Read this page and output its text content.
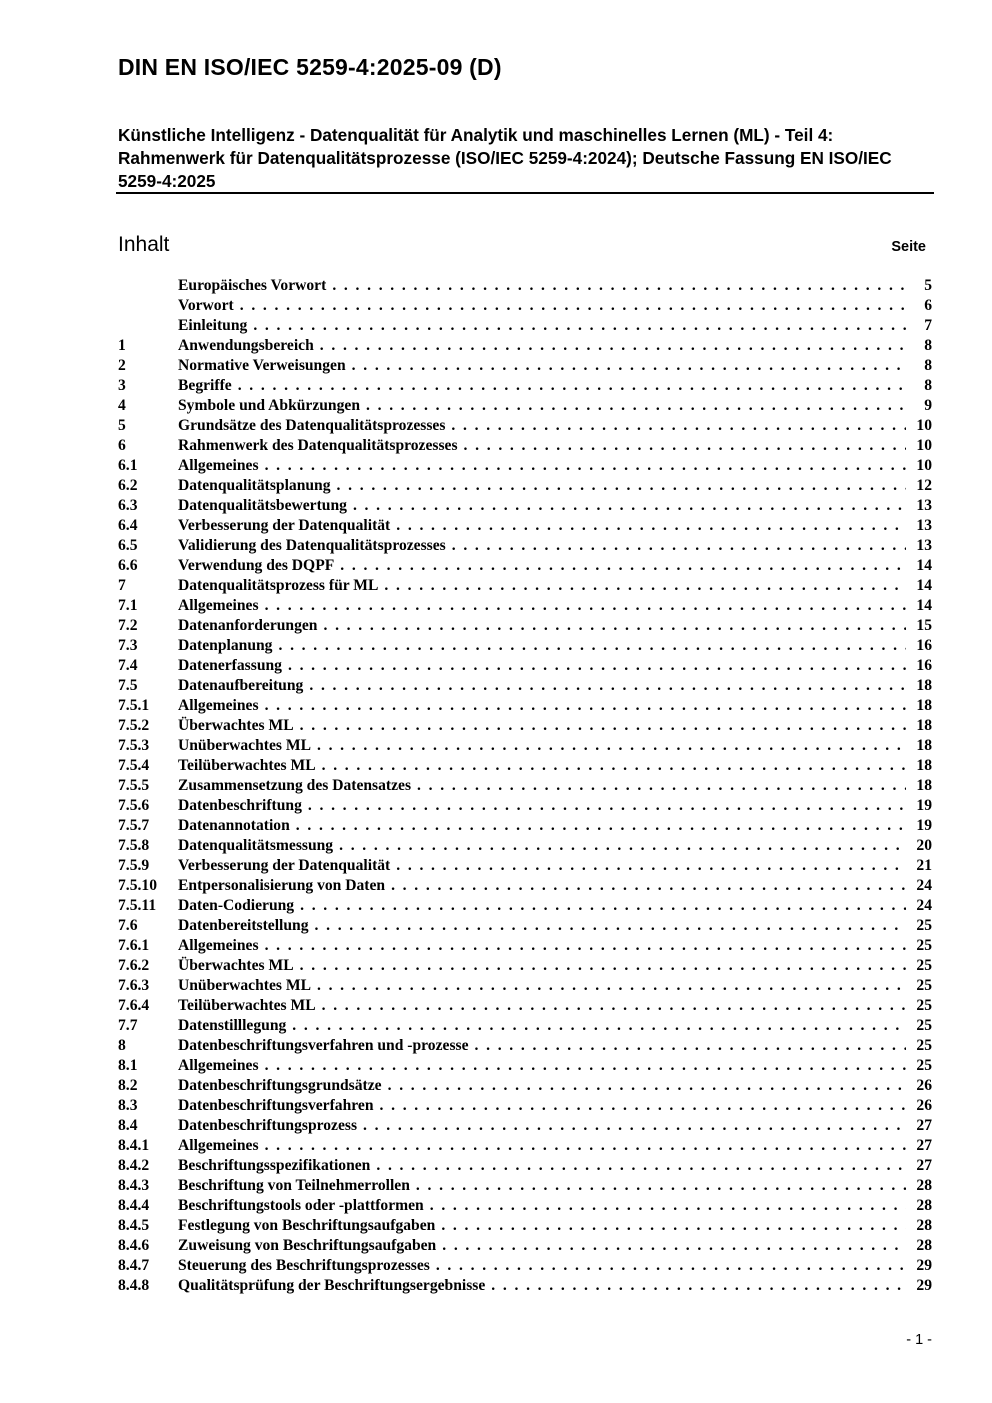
DIN EN ISO/IEC 5259-4:2025-09 (D)
Künstliche Intelligenz - Datenqualität für Analytik und maschinelles Lernen (ML) - Teil 4: Rahmenwerk für Datenqualitätsprozesse (ISO/IEC 5259-4:2024); Deutsche Fassung EN ISO/IEC 5259-4:2025
Inhalt	Seite
Europäisches Vorwort . . .	5
Vorwort . . .	6
Einleitung . . .	7
1	Anwendungsbereich . . .	8
2	Normative Verweisungen . . .	8
3	Begriffe . . .	8
4	Symbole und Abkürzungen . . .	9
5	Grundsätze des Datenqualitätsprozesses . . .	10
6	Rahmenwerk des Datenqualitätsprozesses . . .	10
6.1	Allgemeines . . .	10
6.2	Datenqualitätsplanung . . .	12
6.3	Datenqualitätsbewertung . . .	13
6.4	Verbesserung der Datenqualität . . .	13
6.5	Validierung des Datenqualitätsprozesses . . .	13
6.6	Verwendung des DQPF . . .	14
7	Datenqualitätsprozess für ML . . .	14
7.1	Allgemeines . . .	14
7.2	Datenanforderungen . . .	15
7.3	Datenplanung . . .	16
7.4	Datenerfassung . . .	16
7.5	Datenaufbereitung . . .	18
7.5.1	Allgemeines . . .	18
7.5.2	Überwachtes ML . . .	18
7.5.3	Unüberwachtes ML . . .	18
7.5.4	Teilüberwachtes ML . . .	18
7.5.5	Zusammensetzung des Datensatzes . . .	18
7.5.6	Datenbeschriftung . . .	19
7.5.7	Datenannotation . . .	19
7.5.8	Datenqualitätsmessung . . .	20
7.5.9	Verbesserung der Datenqualität . . .	21
7.5.10	Entpersonalisierung von Daten . . .	24
7.5.11	Daten-Codierung . . .	24
7.6	Datenbereitstellung . . .	25
7.6.1	Allgemeines . . .	25
7.6.2	Überwachtes ML . . .	25
7.6.3	Unüberwachtes ML . . .	25
7.6.4	Teilüberwachtes ML . . .	25
7.7	Datenstilllegung . . .	25
8	Datenbeschriftungsverfahren und -prozesse . . .	25
8.1	Allgemeines . . .	25
8.2	Datenbeschriftungsgrundsätze . . .	26
8.3	Datenbeschriftungsverfahren . . .	26
8.4	Datenbeschriftungsprozess . . .	27
8.4.1	Allgemeines . . .	27
8.4.2	Beschriftungsspezifikationen . . .	27
8.4.3	Beschriftung von Teilnehmerrollen . . .	28
8.4.4	Beschriftungstools oder -plattformen . . .	28
8.4.5	Festlegung von Beschriftungsaufgaben . . .	28
8.4.6	Zuweisung von Beschriftungsaufgaben . . .	28
8.4.7	Steuerung des Beschriftungsprozesses . . .	29
8.4.8	Qualitätsprüfung der Beschriftungsergebnisse . . .	29
- 1 -
